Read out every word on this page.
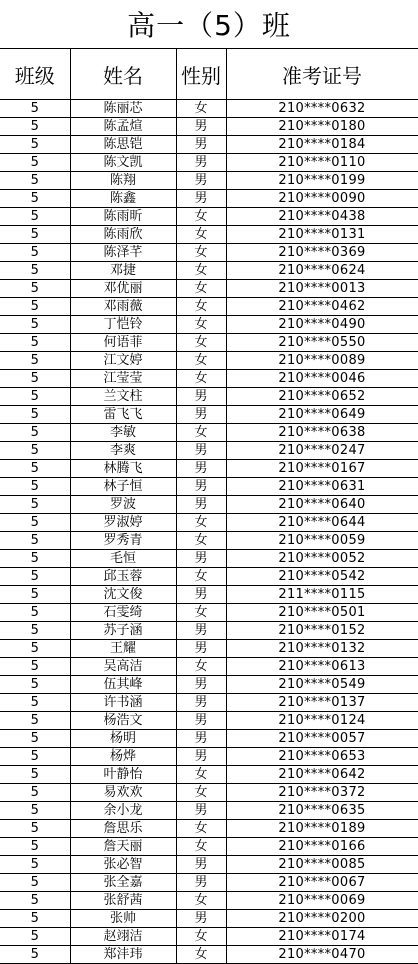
高一（5）班
班级	姓名	性别	准考证号
5	陈丽芯	女	210****0632
5	陈孟煊	男	210****0180
5	陈思铠	男	210****0184
5	陈文凯	男	210****0110
5	陈翔	男	210****0199
5	陈鑫	男	210****0090
5	陈雨昕	女	210****0438
5	陈雨欣	女	210****0131
5	陈泽芊	女	210****0369
5	邓捷	女	210****0624
5	邓优丽	女	210****0013
5	邓雨薇	女	210****0462
5	丁恺铃	女	210****0490
5	何语菲	女	210****0550
5	江文婷	女	210****0089
5	江莹莹	女	210****0046
5	兰文柱	男	210****0652
5	雷飞飞	男	210****0649
5	李敏	女	210****0638
5	李爽	男	210****0247
5	林腾飞	男	210****0167
5	林子恒	男	210****0631
5	罗波	男	210****0640
5	罗淑婷	女	210****0644
5	罗秀青	女	210****0059
5	毛恒	男	210****0052
5	邱玉蓉	女	210****0542
5	沈文俊	男	211****0115
5	石雯绮	女	210****0501
5	苏子涵	男	210****0152
5	王耀	男	210****0132
5	吴高洁	女	210****0613
5	伍其峰	男	210****0549
5	许书涵	男	210****0137
5	杨浩文	男	210****0124
5	杨明	男	210****0057
5	杨烨	男	210****0653
5	叶静怡	女	210****0642
5	易欢欢	女	210****0372
5	余小龙	男	210****0635
5	詹思乐	女	210****0189
5	詹天丽	女	210****0166
5	张必智	男	210****0085
5	张全嘉	男	210****0067
5	张舒茜	女	210****0069
5	张帅	男	210****0200
5	赵翊洁	女	210****0174
5	郑沣玮	女	210****0470
